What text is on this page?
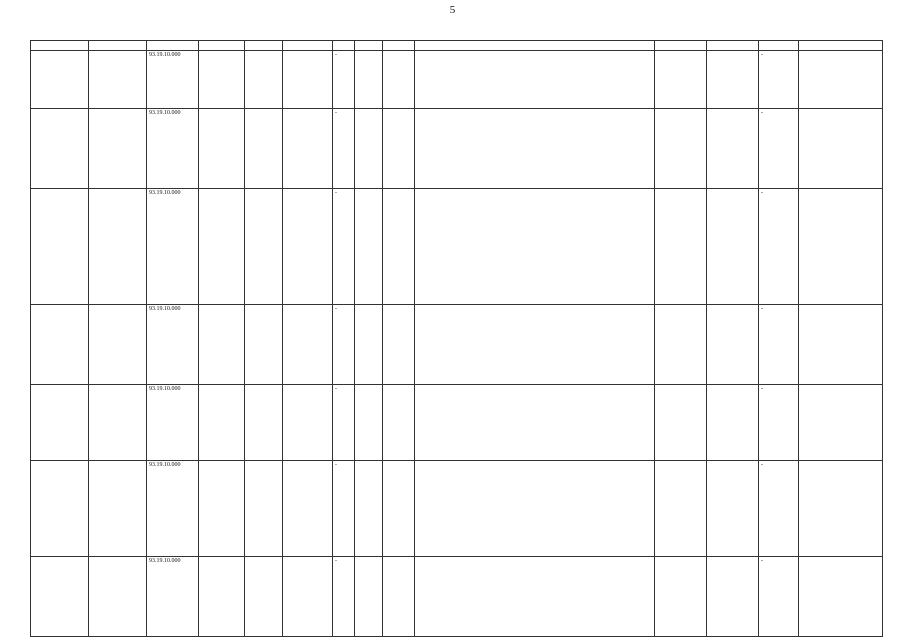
5

		93.19.10.000				-						-	
		93.19.10.000				-						-	
		93.19.10.000				-						-	
		93.19.10.000				-						-	
		93.19.10.000				-						-	
		93.19.10.000				-						-	
		93.19.10.000				-						-	
